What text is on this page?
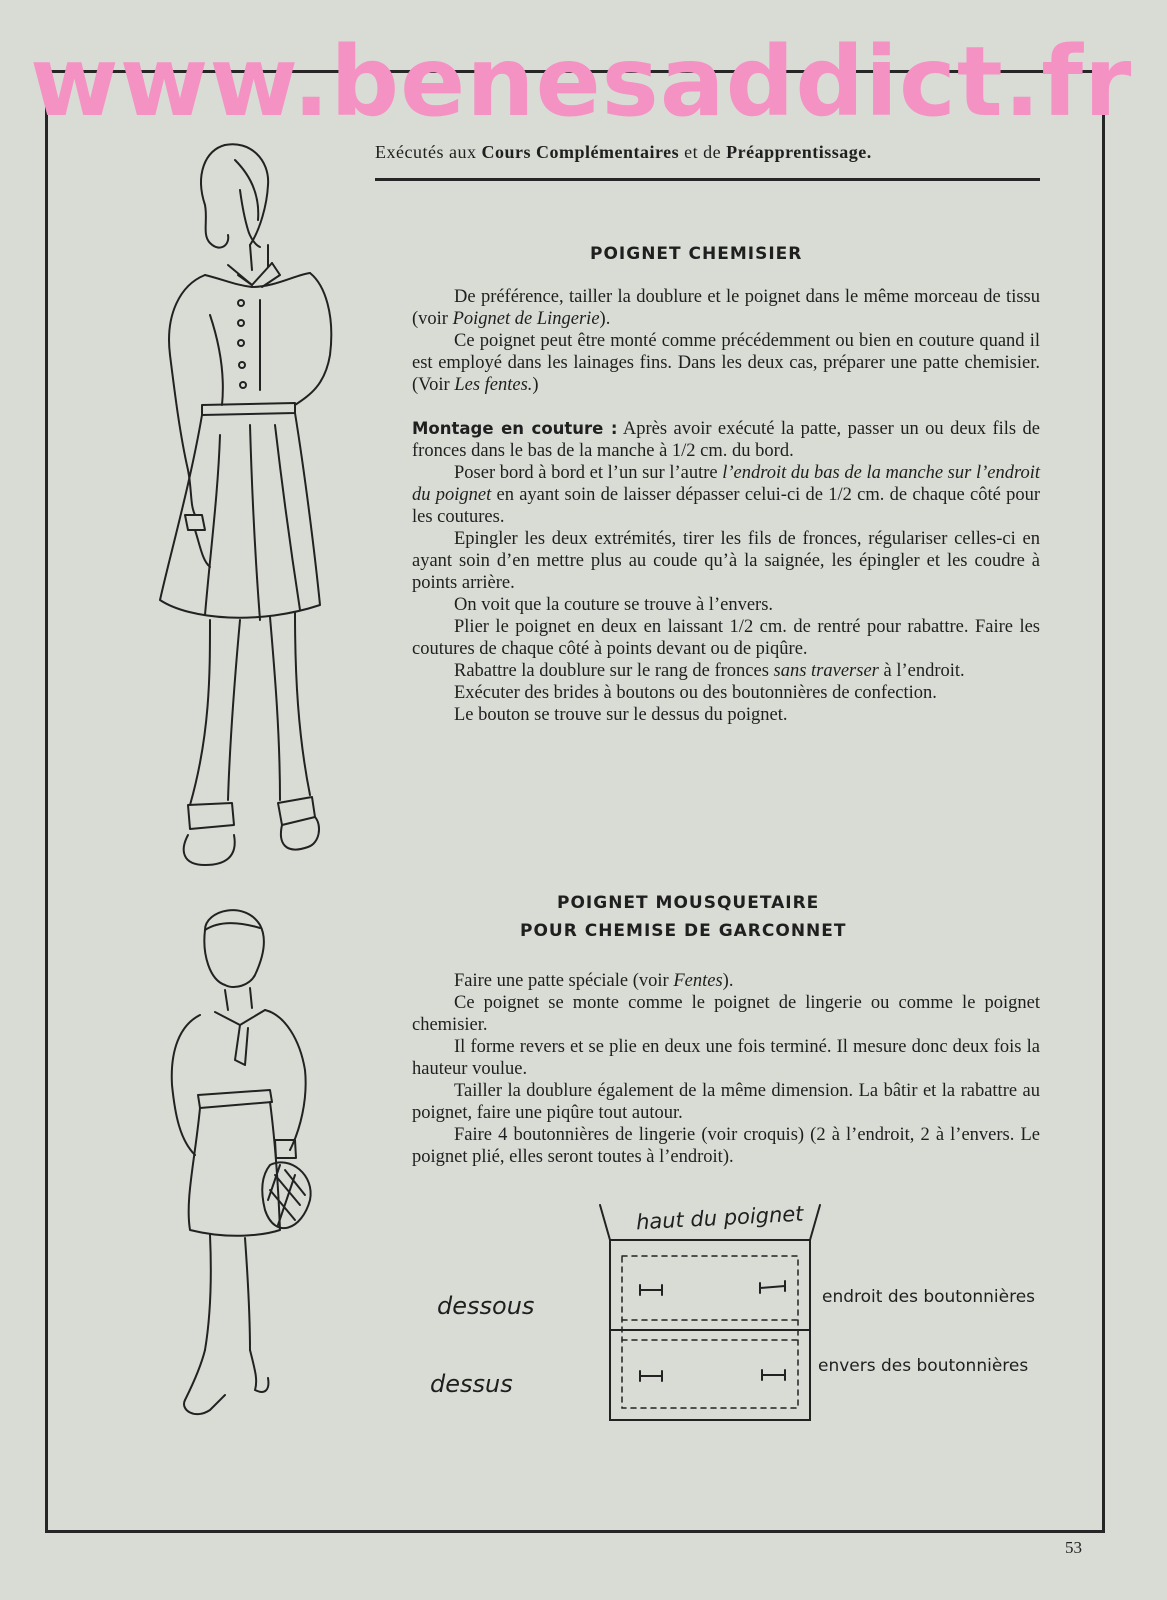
www.benesaddict.fr
Exécutés aux Cours Complémentaires et de Préapprentissage.
POIGNET CHEMISIER

De préférence, tailler la doublure et le poignet dans le même morceau de tissu (voir Poignet de Lingerie).

Ce poignet peut être monté comme précédemment ou bien en couture quand il est employé dans les lainages fins. Dans les deux cas, préparer une patte chemisier. (Voir Les fentes.)

Montage en couture : Après avoir exécuté la patte, passer un ou deux fils de fronces dans le bas de la manche à 1/2 cm. du bord.

Poser bord à bord et l’un sur l’autre l’endroit du bas de la manche sur l’endroit du poignet en ayant soin de laisser dépasser celui-ci de 1/2 cm. de chaque côté pour les coutures.

Epingler les deux extrémités, tirer les fils de fronces, régulariser celles-ci en ayant soin d’en mettre plus au coude qu’à la saignée, les épingler et les coudre à points arrière.

On voit que la couture se trouve à l’envers.

Plier le poignet en deux en laissant 1/2 cm. de rentré pour rabattre. Faire les coutures de chaque côté à points devant ou de piqûre.

Rabattre la doublure sur le rang de fronces sans traverser à l’endroit.

Exécuter des brides à boutons ou des boutonnières de confection.

Le bouton se trouve sur le dessus du poignet.

POIGNET MOUSQUETAIRE
POUR CHEMISE DE GARCONNET

Faire une patte spéciale (voir Fentes).

Ce poignet se monte comme le poignet de lingerie ou comme le poignet chemisier.

Il forme revers et se plie en deux une fois terminé. Il mesure donc deux fois la hauteur voulue.

Tailler la doublure également de la même dimension. La bâtir et la rabattre au poignet, faire une piqûre tout autour.

Faire 4 boutonnières de lingerie (voir croquis) (2 à l’endroit, 2 à l’envers. Le poignet plié, elles seront toutes à l’endroit).

haut du poignet
dessous
dessus
endroit des boutonnières
envers des boutonnières
53
